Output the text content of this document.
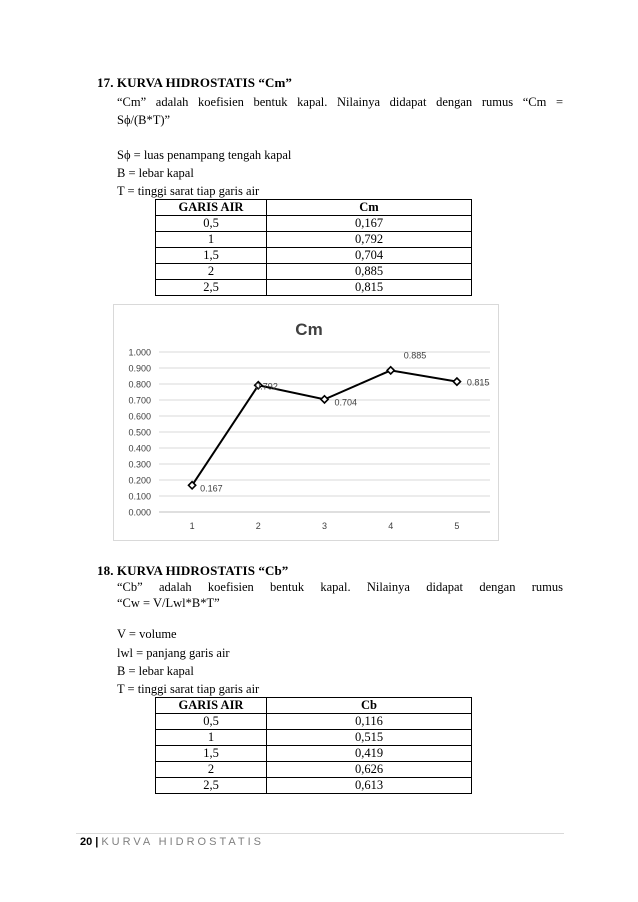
17. KURVA HIDROSTATIS “Cm”
“Cm” adalah koefisien bentuk kapal. Nilainya didapat dengan rumus “Cm =
Sϕ/(B*T)”
Sϕ = luas penampang tengah kapal
B = lebar kapal
T = tinggi sarat tiap garis air
GARIS AIR	Cm
0,5	0,167
1	0,792
1,5	0,704
2	0,885
2,5	0,815
Cm
0.000
0.100
0.200
0.300
0.400
0.500
0.600
0.700
0.800
0.900
1.000
1	2	3	4	5
0.167
0.792
0.704
0.885
0.815
18. KURVA HIDROSTATIS “Cb”
“Cb” adalah koefisien bentuk kapal. Nilainya didapat dengan rumus
“Cw = V/Lwl*B*T”
V = volume
lwl = panjang garis air
B = lebar kapal
T = tinggi sarat tiap garis air
GARIS AIR	Cb
0,5	0,116
1	0,515
1,5	0,419
2	0,626
2,5	0,613
20 | KURVA HIDROSTATIS
